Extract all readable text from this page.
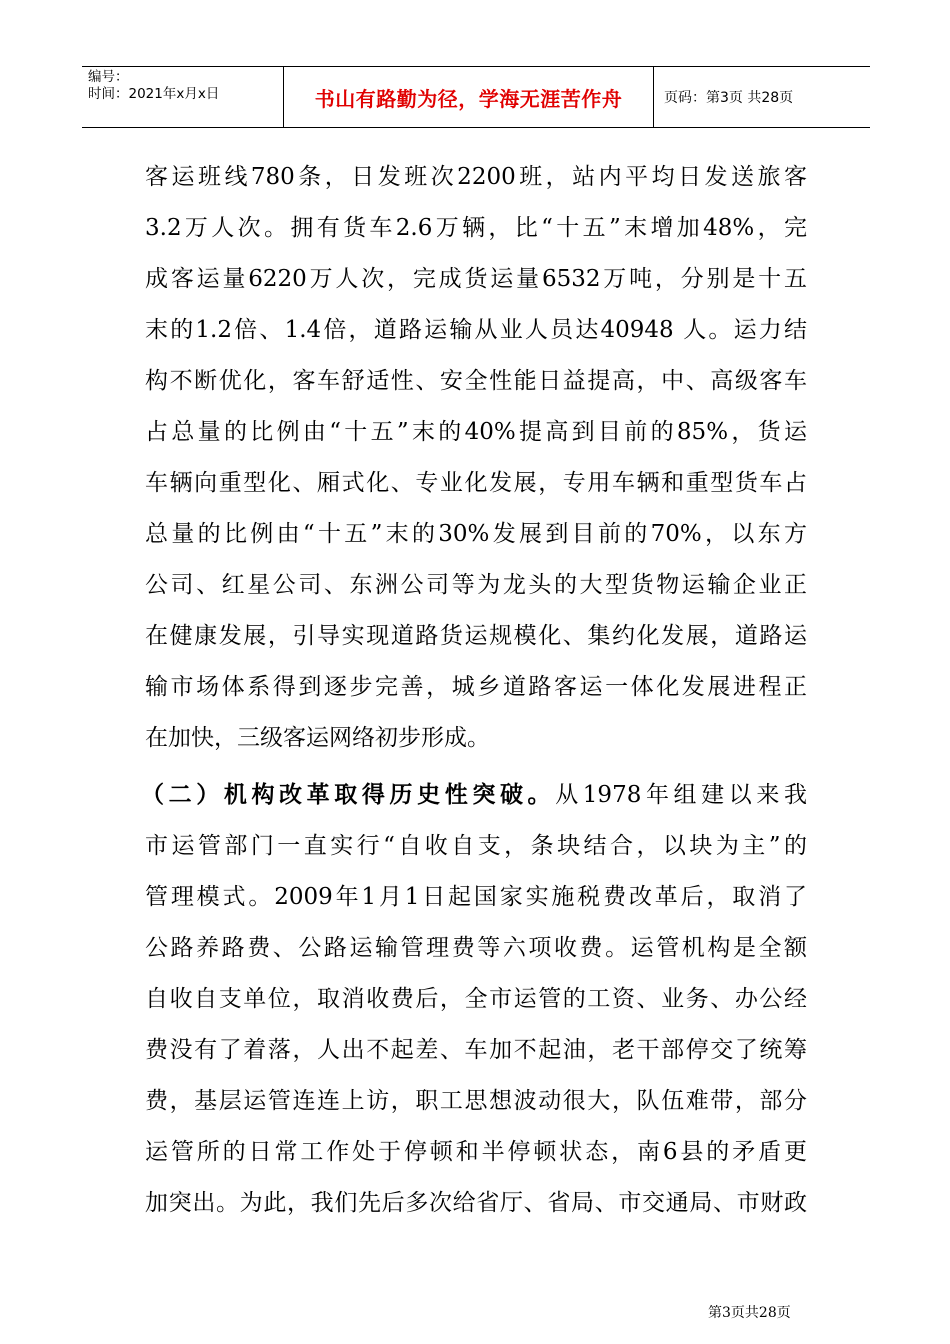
编号：
时间：2021年x月x日	书山有路勤为径，学海无涯苦作舟	页码：第3页 共28页
客运班线780条，日发班次2200班，站内平均日发送旅客
3.2万人次。拥有货车2.6万辆，比“十五”末增加48%，完
成客运量6220万人次，完成货运量6532万吨，分别是十五
末的1.2倍、1.4倍，道路运输从业人员达40948 人。运力结
构不断优化，客车舒适性、安全性能日益提高，中、高级客车
占总量的比例由“十五”末的40%提高到目前的85%，货运
车辆向重型化、厢式化、专业化发展，专用车辆和重型货车占
总量的比例由“十五”末的30%发展到目前的70%，以东方
公司、红星公司、东洲公司等为龙头的大型货物运输企业正
在健康发展，引导实现道路货运规模化、集约化发展，道路运
输市场体系得到逐步完善，城乡道路客运一体化发展进程正
在加快，三级客运网络初步形成。
（二）机构改革取得历史性突破。从1978年组建以来我
市运管部门一直实行“自收自支，条块结合，以块为主”的
管理模式。2009年1月1日起国家实施税费改革后，取消了
公路养路费、公路运输管理费等六项收费。运管机构是全额
自收自支单位，取消收费后，全市运管的工资、业务、办公经
费没有了着落，人出不起差、车加不起油，老干部停交了统筹
费，基层运管连连上访，职工思想波动很大，队伍难带，部分
运管所的日常工作处于停顿和半停顿状态，南6县的矛盾更
加突出。为此，我们先后多次给省厅、省局、市交通局、市财政
第3页共28页
